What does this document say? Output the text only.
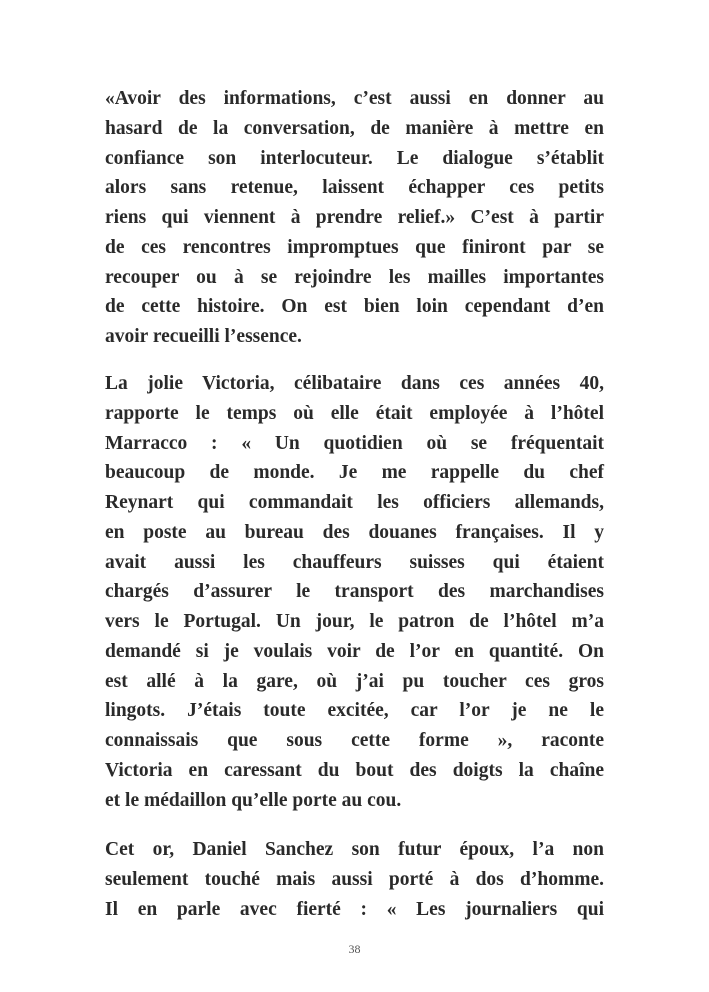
«Avoir des informations, c’est aussi en donner au
hasard de la conversation, de manière à mettre en
confiance son interlocuteur. Le dialogue s’établit
alors sans retenue, laissent échapper ces petits
riens qui viennent à prendre relief.» C’est à partir
de ces rencontres impromptues que finiront par se
recouper ou à se rejoindre les mailles importantes
de cette histoire. On est bien loin cependant d’en
avoir recueilli l’essence.
La jolie Victoria, célibataire dans ces années 40,
rapporte le temps où elle était employée à l’hôtel
Marracco : « Un quotidien où se fréquentait
beaucoup de monde. Je me rappelle du chef
Reynart qui commandait les officiers allemands,
en poste au bureau des douanes françaises. Il y
avait aussi les chauffeurs suisses qui étaient
chargés d’assurer le transport des marchandises
vers le Portugal. Un jour, le patron de l’hôtel m’a
demandé si je voulais voir de l’or en quantité. On
est allé à la gare, où j’ai pu toucher ces gros
lingots. J’étais toute excitée, car l’or je ne le
connaissais que sous cette forme », raconte
Victoria en caressant du bout des doigts la chaîne
et le médaillon qu’elle porte au cou.
Cet or, Daniel Sanchez son futur époux, l’a non
seulement touché mais aussi porté à dos d’homme.
Il en parle avec fierté : « Les journaliers qui
38
